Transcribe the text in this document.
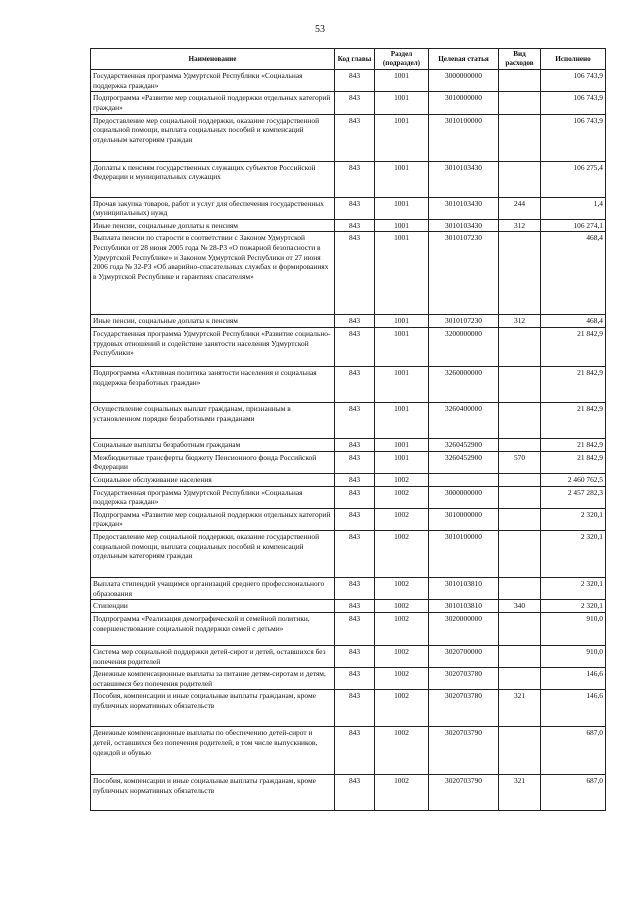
53
Наименование	Код главы	Раздел (подраздел)	Целевая статья	Вид расходов	Исполнено
Государственная программа Удмуртской Республики «Социальная поддержка граждан»	843	1001	3000000000		106 743,9
Подпрограмма «Развитие мер социальной поддержки отдельных категорий граждан»	843	1001	3010000000		106 743,9
Предоставление мер социальной поддержки, оказание государственной социальной помощи, выплата социальных пособий и компенсаций отдельным категориям граждан	843	1001	3010100000		106 743,9
Доплаты к пенсиям государственных служащих субъектов Российской Федерации и муниципальных служащих	843	1001	3010103430		106 275,4
Прочая закупка товаров, работ и услуг для обеспечения государственных (муниципальных) нужд	843	1001	3010103430	244	1,4
Иные пенсии, социальные доплаты к пенсиям	843	1001	3010103430	312	106 274,1
Выплата пенсии по старости в соответствии с Законом Удмуртской Республики от 28 июня 2005 года № 28-РЗ «О пожарной безопасности в Удмуртской Республике» и Законом Удмуртской Республики от 27 июня 2006 года № 32-РЗ «Об аварийно-спасательных службах и формированиях в Удмуртской Республике и гарантиях спасателям»	843	1001	3010107230		468,4
Иные пенсии, социальные доплаты к пенсиям	843	1001	3010107230	312	468,4
Государственная программа Удмуртской Республики «Развитие социально-трудовых отношений и содействие занятости населения Удмуртской Республики»	843	1001	3200000000		21 842,9
Подпрограмма «Активная политика занятости населения и социальная поддержка безработных граждан»	843	1001	3260000000		21 842,9
Осуществление социальных выплат гражданам, признанным в установленном порядке безработными гражданами	843	1001	3260400000		21 842,9
Социальные выплаты безработным гражданам	843	1001	3260452900		21 842,9
Межбюджетные трансферты бюджету Пенсионного фонда Российской Федерации	843	1001	3260452900	570	21 842,9
Социальное обслуживание населения	843	1002			2 460 762,5
Государственная программа Удмуртской Республики «Социальная поддержка граждан»	843	1002	3000000000		2 457 282,3
Подпрограмма «Развитие мер социальной поддержки отдельных категорий граждан»	843	1002	3010000000		2 320,1
Предоставление мер социальной поддержки, оказание государственной социальной помощи, выплата социальных пособий и компенсаций отдельным категориям граждан	843	1002	3010100000		2 320,1
Выплата стипендий учащимся организаций среднего профессионального образования	843	1002	3010103810		2 320,1
Стипендии	843	1002	3010103810	340	2 320,1
Подпрограмма «Реализация демографической и семейной политики, совершенствование социальной поддержки семей с детьми»	843	1002	3020000000		910,0
Система мер социальной поддержки детей-сирот и детей, оставшихся без попечения родителей	843	1002	3020700000		910,0
Денежные компенсационные выплаты за питание детям-сиротам и детям, оставшимся без попечения родителей	843	1002	3020703780		146,6
Пособия, компенсации и иные социальные выплаты гражданам, кроме публичных нормативных обязательств	843	1002	3020703780	321	146,6
Денежные компенсационные выплаты по обеспечению детей-сирот и детей, оставшихся без попечения родителей, в том числе выпускников, одеждой и обувью	843	1002	3020703790		687,0
Пособия, компенсации и иные социальные выплаты гражданам, кроме публичных нормативных обязательств	843	1002	3020703790	321	687,0
